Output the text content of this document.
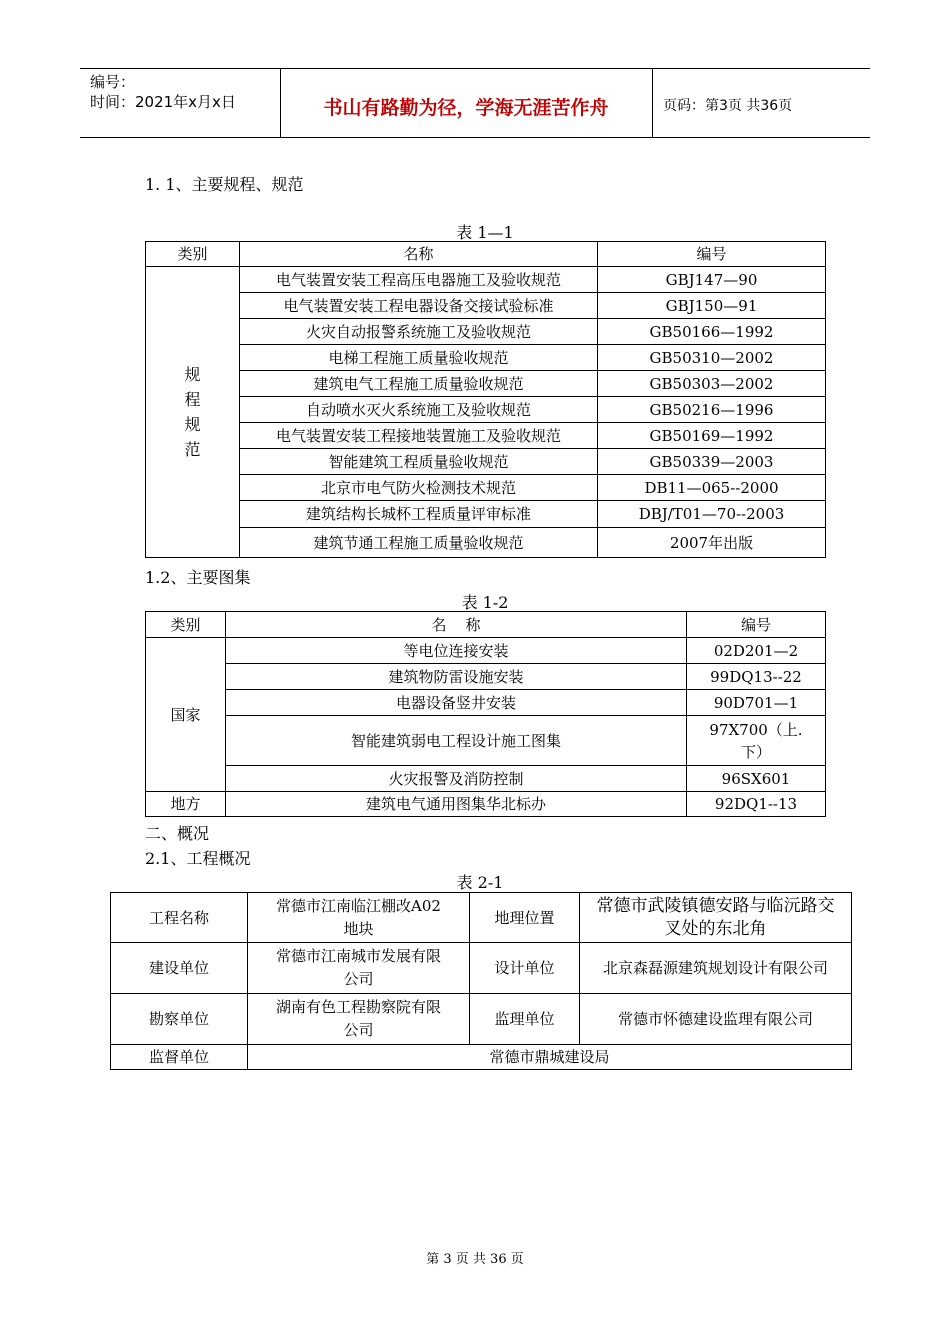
编号：
时间：2021年x月x日	书山有路勤为径，学海无涯苦作舟	页码：第3页 共36页
1. 1、主要规程、规范
表 1—1
类别	名称	编号

规程规范	电气装置安装工程高压电器施工及验收规范	GBJ147—90
	电气装置安装工程电器设备交接试验标准	GBJ150—91
	火灾自动报警系统施工及验收规范	GB50166—1992
	电梯工程施工质量验收规范	GB50310—2002
	建筑电气工程施工质量验收规范	GB50303—2002
	自动喷水灭火系统施工及验收规范	GB50216—1996
	电气装置安装工程接地装置施工及验收规范	GB50169—1992
	智能建筑工程质量验收规范	GB50339—2003
	北京市电气防火检测技术规范	DB11—065--2000
	建筑结构长城杯工程质量评审标准	DBJ/T01—70--2003
	建筑节通工程施工质量验收规范	2007年出版
1.2、主要图集
表 1-2
类别	名    称	编号
国家	等电位连接安装	02D201—2
	建筑物防雷设施安装	99DQ13--22
	电器设备竖井安装	90D701—1
	智能建筑弱电工程设计施工图集	97X700（上.下）
	火灾报警及消防控制	96SX601
地方	建筑电气通用图集华北标办	92DQ1--13
二、概况
2.1、工程概况
表 2-1
工程名称	常德市江南临江棚改A02地块	地理位置	常德市武陵镇德安路与临沅路交叉处的东北角
建设单位	常德市江南城市发展有限公司	设计单位	北京森磊源建筑规划设计有限公司
勘察单位	湖南有色工程勘察院有限公司	监理单位	常德市怀德建设监理有限公司
监督单位	常德市鼎城建设局		
第 3 页 共 36 页
